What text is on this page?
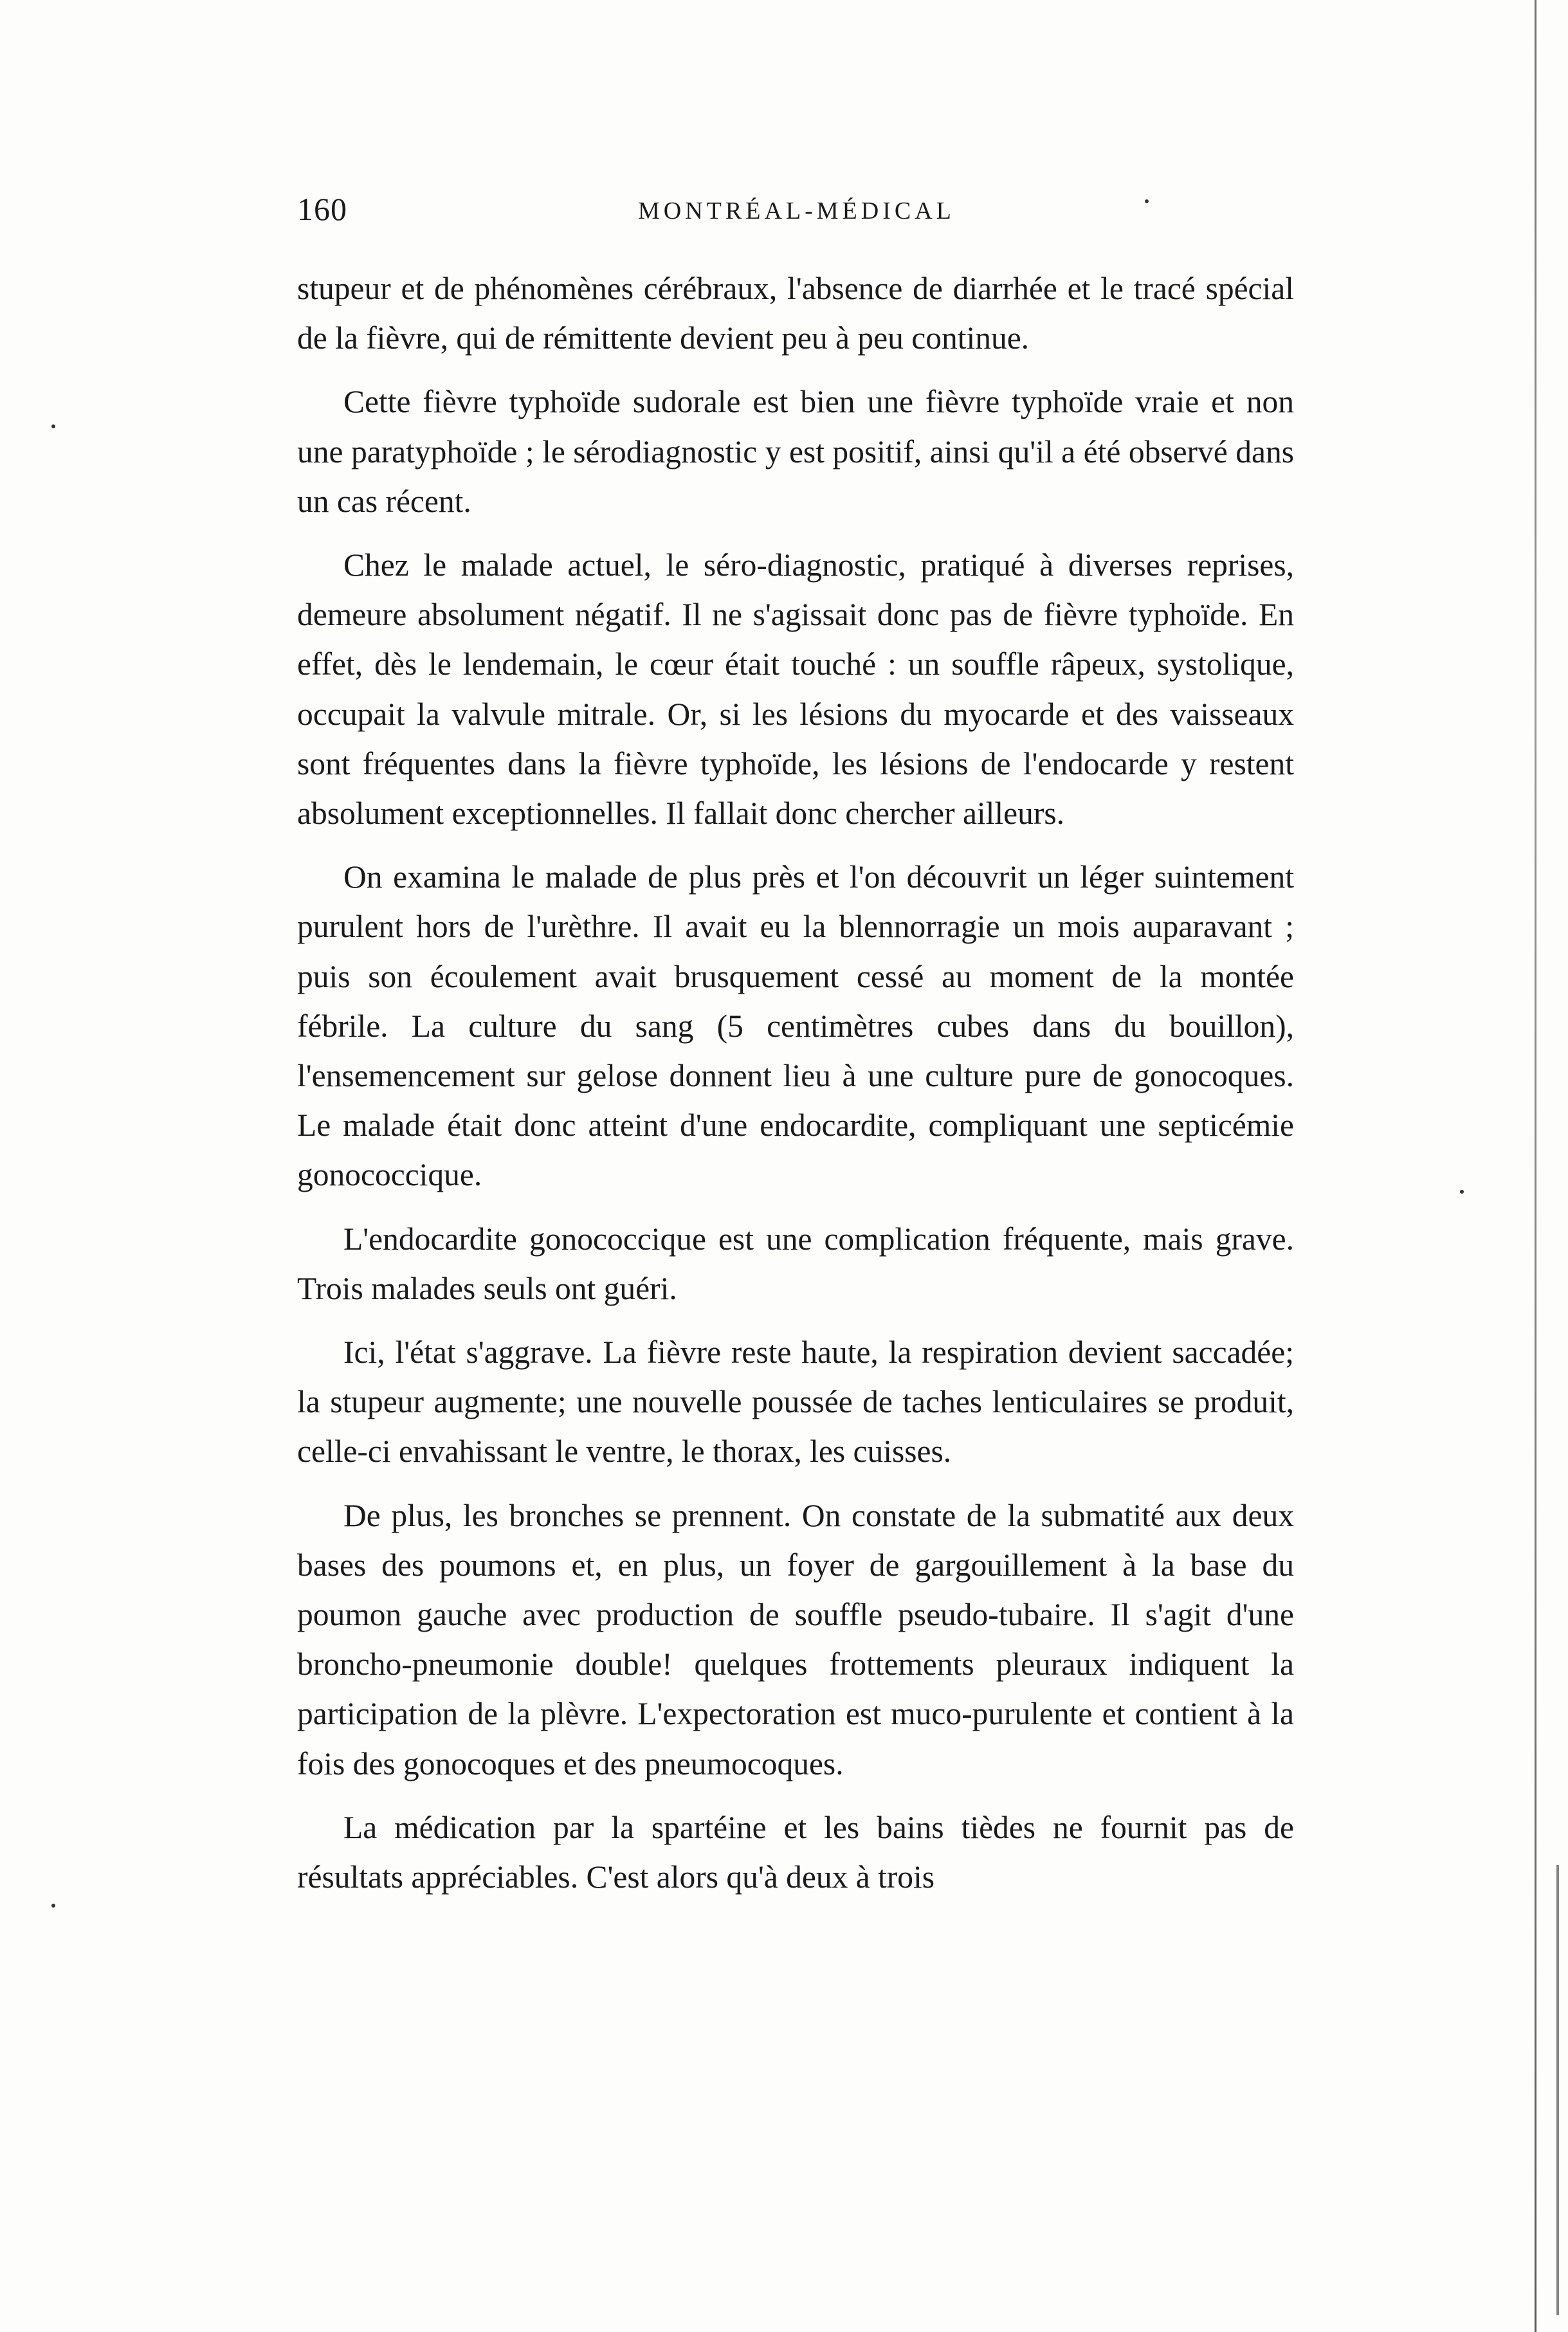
160	MONTRÉAL-MÉDICAL

stupeur et de phénomènes cérébraux, l'absence de diarrhée et le tracé spécial de la fièvre, qui de rémittente devient peu à peu continue.

Cette fièvre typhoïde sudorale est bien une fièvre typhoïde vraie et non une paratyphoïde ; le sérodiagnostic y est positif, ainsi qu'il a été observé dans un cas récent.

Chez le malade actuel, le séro-diagnostic, pratiqué à diverses reprises, demeure absolument négatif. Il ne s'agissait donc pas de fièvre typhoïde. En effet, dès le lendemain, le cœur était touché : un souffle râpeux, systolique, occupait la valvule mitrale. Or, si les lésions du myocarde et des vaisseaux sont fréquentes dans la fièvre typhoïde, les lésions de l'endocarde y restent absolument exceptionnelles. Il fallait donc chercher ailleurs.

On examina le malade de plus près et l'on découvrit un léger suintement purulent hors de l'urèthre. Il avait eu la blennorragie un mois auparavant ; puis son écoulement avait brusquement cessé au moment de la montée fébrile. La culture du sang (5 centimètres cubes dans du bouillon), l'ensemencement sur gelose donnent lieu à une culture pure de gonocoques. Le malade était donc atteint d'une endocardite, compliquant une septicémie gonococcique.

L'endocardite gonococcique est une complication fréquente, mais grave. Trois malades seuls ont guéri.

Ici, l'état s'aggrave. La fièvre reste haute, la respiration devient saccadée; la stupeur augmente; une nouvelle poussée de taches lenticulaires se produit, celle-ci envahissant le ventre, le thorax, les cuisses.

De plus, les bronches se prennent. On constate de la submatité aux deux bases des poumons et, en plus, un foyer de gargouillement à la base du poumon gauche avec production de souffle pseudo-tubaire. Il s'agit d'une broncho-pneumonie double! quelques frottements pleuraux indiquent la participation de la plèvre. L'expectoration est muco-purulente et contient à la fois des gonocoques et des pneumocoques.

La médication par la spartéine et les bains tièdes ne fournit pas de résultats appréciables. C'est alors qu'à deux à trois
